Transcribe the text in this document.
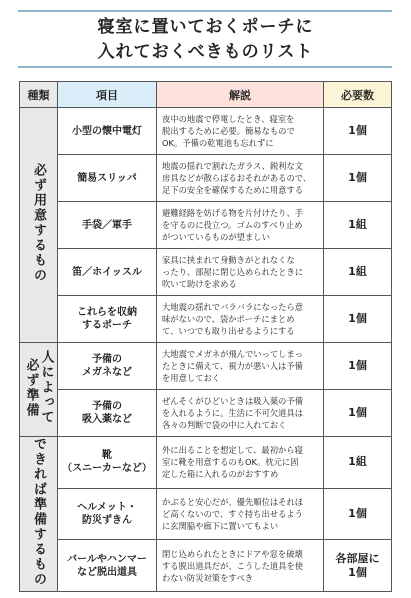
寝室に置いておくポーチに
入れておくべきものリスト
種類	項目	解説	必要数
必ず用意するもの	小型の懐中電灯	夜中の地震で停電したとき、寝室を
脱出するために必要。簡易なもので
OK。予備の乾電池も忘れずに	1個
	簡易スリッパ	地震の揺れで割れたガラス、鋭利な文
房具などが散らばるおそれがあるので、
足下の安全を確保するために用意する	1個
	手袋／軍手	避難経路を妨げる物を片付けたり、手
を守るのに役立つ。ゴムのすべり止め
がついているものが望ましい	1組
	笛／ホイッスル	家具に挟まれて身動きがとれなくな
ったり、部屋に閉じ込められたときに
吹いて助けを求める	1組
	これらを収納
するポーチ	大地震の揺れでバラバラになったら意
味がないので、袋かポーチにまとめ
て、いつでも取り出せるようにする	1個
人によって
必ず準備	予備の
メガネなど	大地震でメガネが飛んでいってしまっ
たときに備えて、視力が悪い人は予備
を用意しておく	1個
	予備の
吸入薬など	ぜんそくがひどいときは吸入薬の予備
を入れるように。生活に不可欠道具は
各々の判断で袋の中に入れておく	1個
できれば準備するもの	靴
（スニーカーなど）	外に出ることを想定して、最初から寝
室に靴を用意するのもOK。枕元に固
定した箱に入れるのがおすすめ	1組
	ヘルメット・
防災ずきん	かぶると安心だが、優先順位はそれほ
ど高くないので、すぐ持ち出せるよう
に玄関脇や廊下に置いてもよい	1個
	バールやハンマー
など脱出道具	閉じ込められたときにドアや窓を破壊
する脱出道具だが、こうした道具を使
わない防災対策をすべき	各部屋に
1個
